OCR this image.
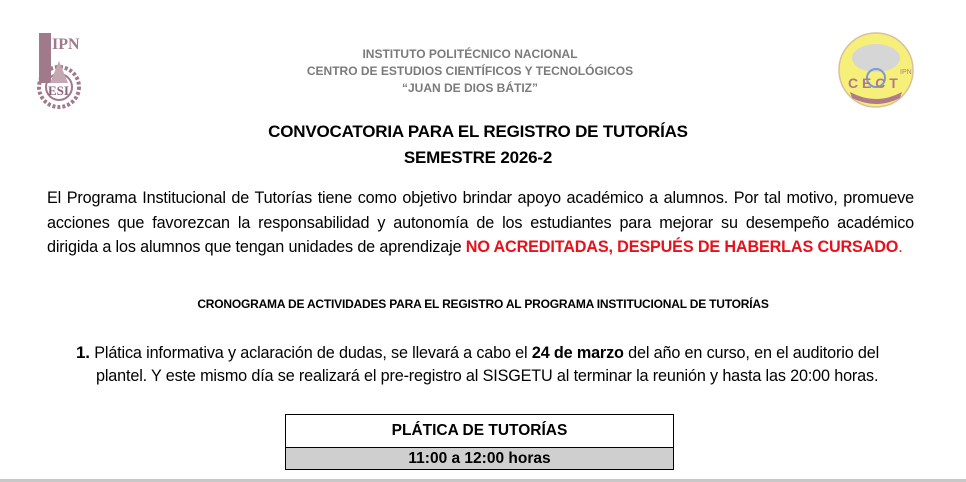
IPN
ESI	C E C T
IPN
INSTITUTO POLITÉCNICO NACIONAL
CENTRO DE ESTUDIOS CIENTÍFICOS Y TECNOLÓGICOS
“JUAN DE DIOS BÁTIZ”
CONVOCATORIA PARA EL REGISTRO DE TUTORÍAS
SEMESTRE 2026-2
El Programa Institucional de Tutorías tiene como objetivo brindar apoyo académico a alumnos. Por tal motivo, promueve acciones que favorezcan la responsabilidad y autonomía de los estudiantes para mejorar su desempeño académico dirigida a los alumnos que tengan unidades de aprendizaje NO ACREDITADAS, DESPUÉS DE HABERLAS CURSADO.
CRONOGRAMA DE ACTIVIDADES PARA EL REGISTRO AL PROGRAMA INSTITUCIONAL DE TUTORÍAS
1. Plática informativa y aclaración de dudas, se llevará a cabo el 24 de marzo del año en curso, en el auditorio del
plantel. Y este mismo día se realizará el pre-registro al SISGETU al terminar la reunión y hasta las 20:00 horas.
PLÁTICA DE TUTORÍAS
11:00 a 12:00 horas
